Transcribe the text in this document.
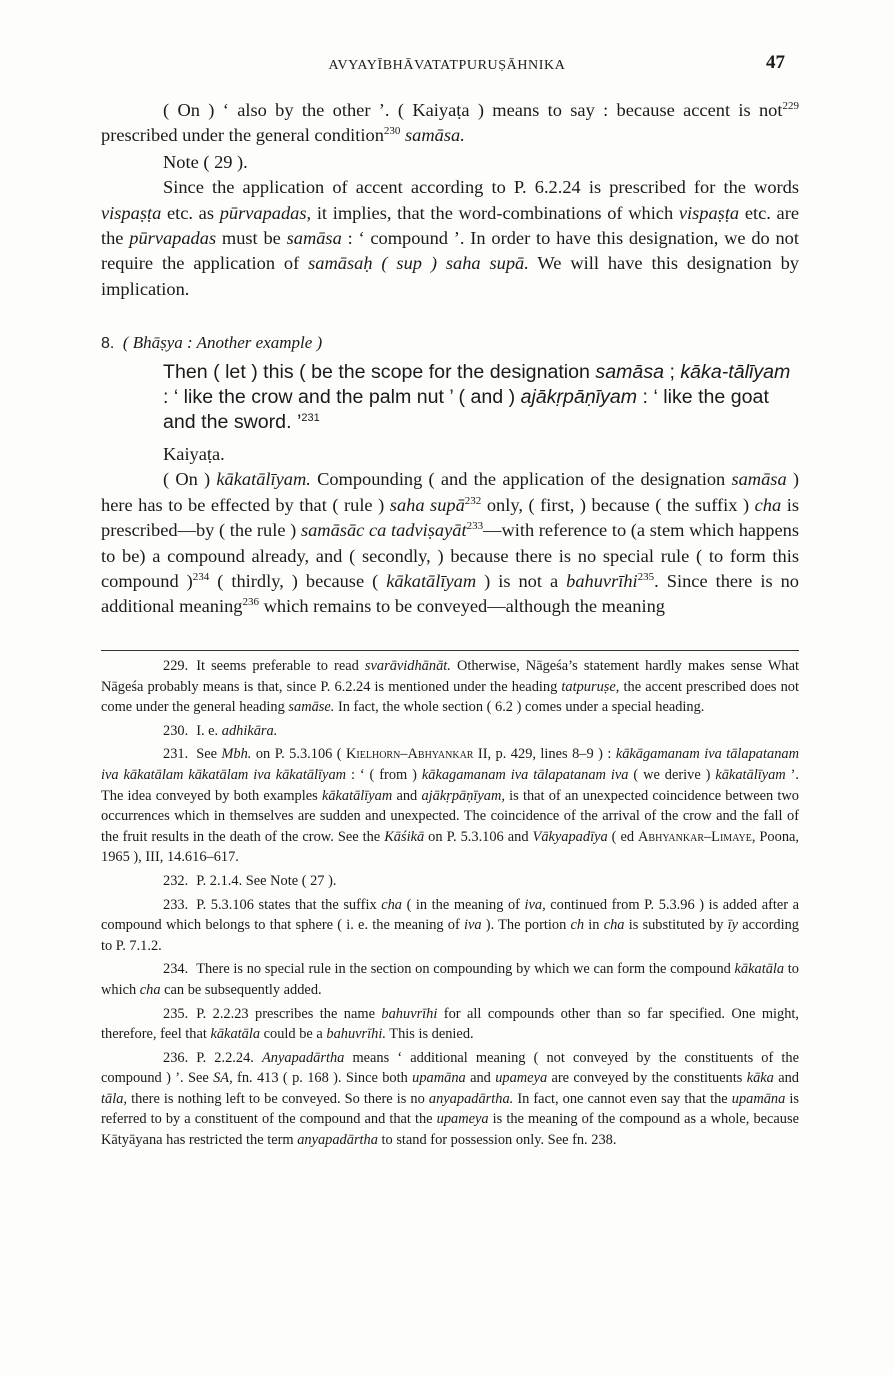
AVYAYĪBHĀVATATPURUṢĀHNIKA	47

( On ) ‘ also by the other ’. ( Kaiyaṭa ) means to say : because accent is not$^{229}$ prescribed under the general condition$^{230}$ samāsa.

Note ( 29 ).

Since the application of accent according to P. 6.2.24 is prescribed for the words vispaṣṭa etc. as pūrvapadas, it implies, that the word-combinations of which vispaṣṭa etc. are the pūrvapadas must be samāsa : ‘ compound ’. In order to have this designation, we do not require the application of samāsaḥ ( sup ) saha supā. We will have this designation by implication.

8. ( Bhāṣya : Another example )

Then ( let ) this ( be the scope for the designation samāsa ; kāka-tālīyam : ‘ like the crow and the palm nut ’ ( and ) ajākṛpāṇīyam : ‘ like the goat and the sword. ’$^{231}$

Kaiyaṭa.

( On ) kākatālīyam. Compounding ( and the application of the designation samāsa ) here has to be effected by that ( rule ) saha supā$^{232}$ only, ( first, ) because ( the suffix ) cha is prescribed—by ( the rule ) samāsāc ca tadviṣayāt$^{233}$—with reference to (a stem which happens to be) a compound already, and ( secondly, ) because there is no special rule ( to form this compound )$^{234}$ ( thirdly, ) because ( kākatālīyam ) is not a bahuvrīhi$^{235}$. Since there is no additional meaning$^{236}$ which remains to be conveyed—although the meaning

229. It seems preferable to read svarāvidhānāt. Otherwise, Nāgeśa’s statement hardly makes sense What Nāgeśa probably means is that, since P. 6.2.24 is mentioned under the heading tatpuruṣe, the accent prescribed does not come under the general heading samāse. In fact, the whole section ( 6.2 ) comes under a special heading.

230. I. e. adhikāra.

231. See Mbh. on P. 5.3.106 ( Kielhorn–Abhyankar II, p. 429, lines 8–9 ) : kākāgamanam iva tālapatanam iva kākatālam kākatālam iva kākatālīyam : ‘ ( from ) kākagamanam iva tālapatanam iva ( we derive ) kākatālīyam ’. The idea conveyed by both examples kākatālīyam and ajākṛpāṇīyam, is that of an unexpected coincidence between two occurrences which in themselves are sudden and unexpected. The coincidence of the arrival of the crow and the fall of the fruit results in the death of the crow. See the Kāśikā on P. 5.3.106 and Vākyapadīya ( ed Abhyankar–Limaye, Poona, 1965 ), III, 14.616–617.

232. P. 2.1.4. See Note ( 27 ).

233. P. 5.3.106 states that the suffix cha ( in the meaning of iva, continued from P. 5.3.96 ) is added after a compound which belongs to that sphere ( i. e. the meaning of iva ). The portion ch in cha is substituted by īy according to P. 7.1.2.

234. There is no special rule in the section on compounding by which we can form the compound kākatāla to which cha can be subsequently added.

235. P. 2.2.23 prescribes the name bahuvrīhi for all compounds other than so far specified. One might, therefore, feel that kākatāla could be a bahuvrīhi. This is denied.

236. P. 2.2.24. Anyapadārtha means ‘ additional meaning ( not conveyed by the constituents of the compound ) ’. See SA, fn. 413 ( p. 168 ). Since both upamāna and upameya are conveyed by the constituents kāka and tāla, there is nothing left to be conveyed. So there is no anyapadārtha. In fact, one cannot even say that the upamāna is referred to by a constituent of the compound and that the upameya is the meaning of the compound as a whole, because Kātyāyana has restricted the term anyapadārtha to stand for possession only. See fn. 238.
